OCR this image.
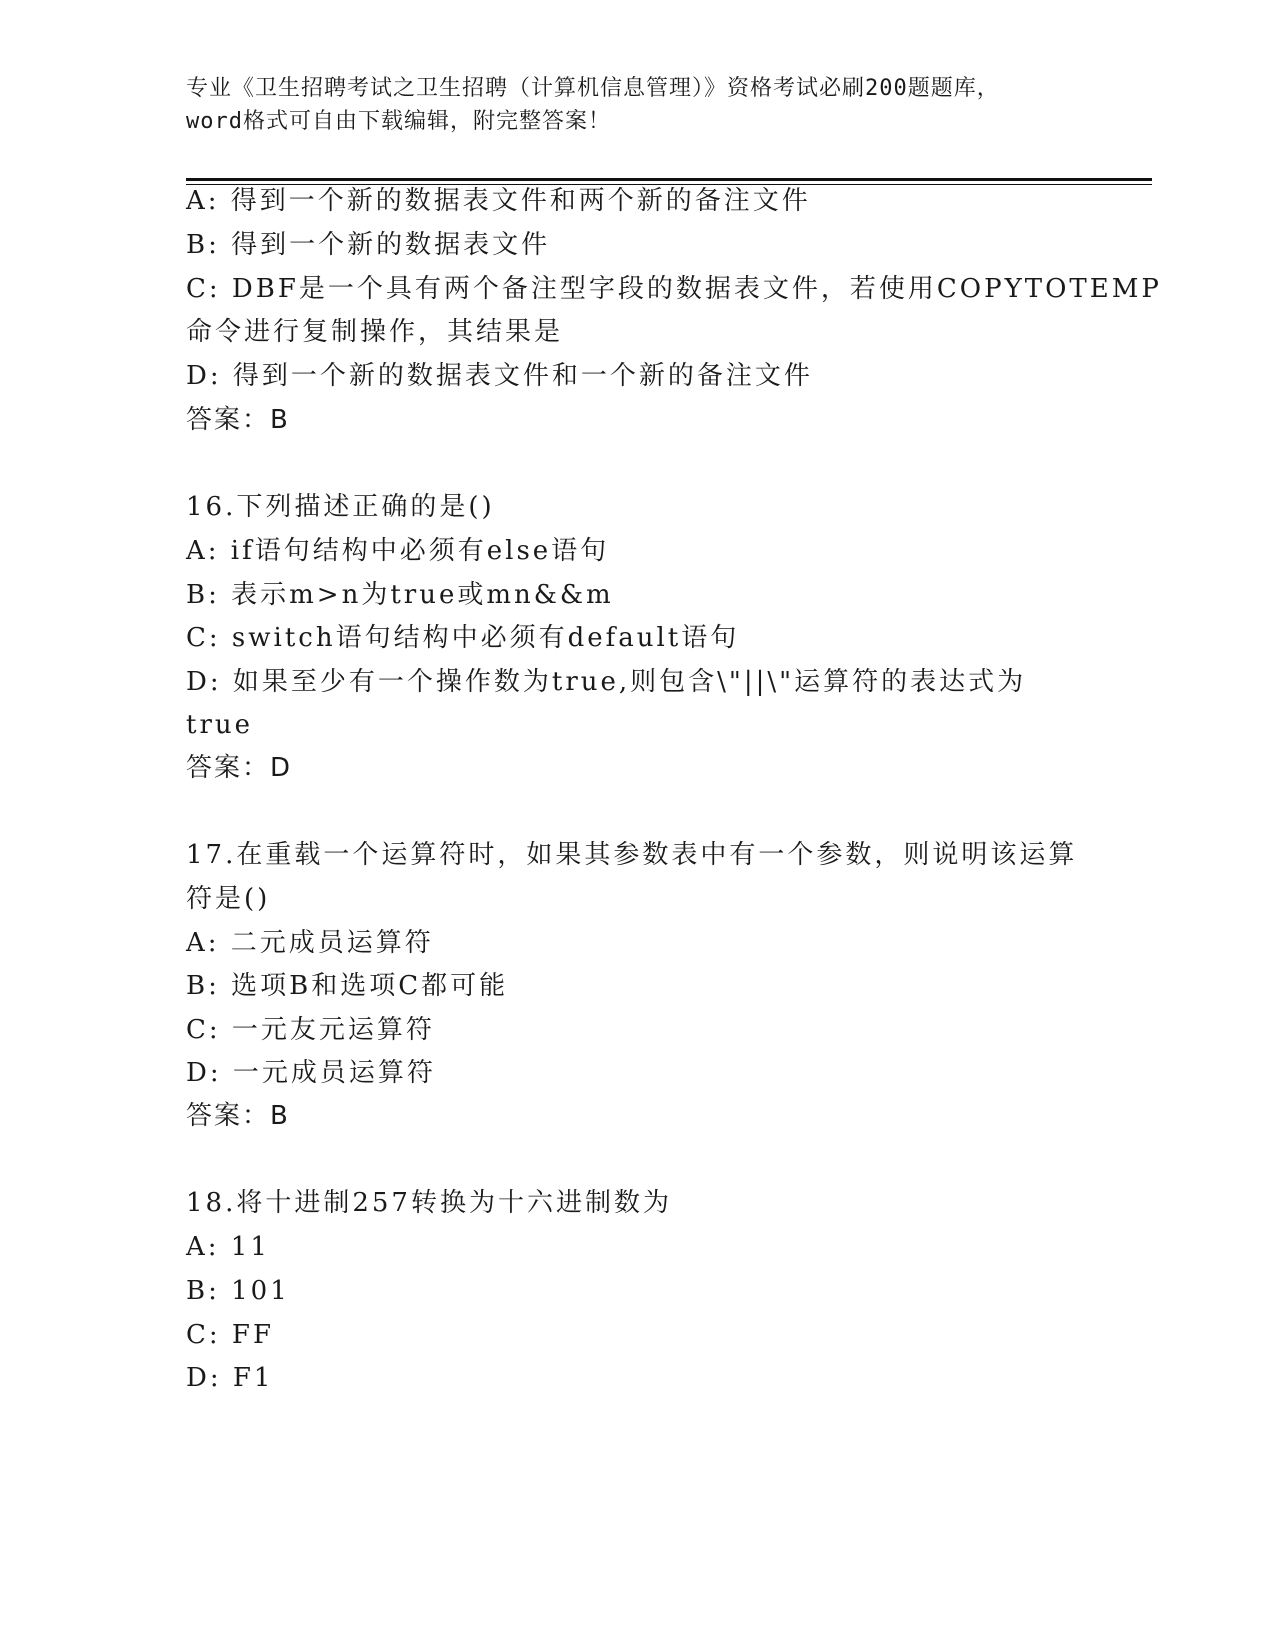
专业《卫生招聘考试之卫生招聘（计算机信息管理）》资格考试必刷200题题库，
word格式可自由下载编辑，附完整答案！
A: 得到一个新的数据表文件和两个新的备注文件
B: 得到一个新的数据表文件
C: DBF是一个具有两个备注型字段的数据表文件，若使用COPYTOTEMP
命令进行复制操作，其结果是
D: 得到一个新的数据表文件和一个新的备注文件
答案：B
16.下列描述正确的是()
A: if语句结构中必须有else语句
B: 表示m>n为true或mn&&m
C: switch语句结构中必须有default语句
D: 如果至少有一个操作数为true,则包含\"||\"运算符的表达式为
true
答案：D
17.在重载一个运算符时，如果其参数表中有一个参数，则说明该运算
符是()
A: 二元成员运算符
B: 选项B和选项C都可能
C: 一元友元运算符
D: 一元成员运算符
答案：B
18.将十进制257转换为十六进制数为
A: 11
B: 101
C: FF
D: F1
